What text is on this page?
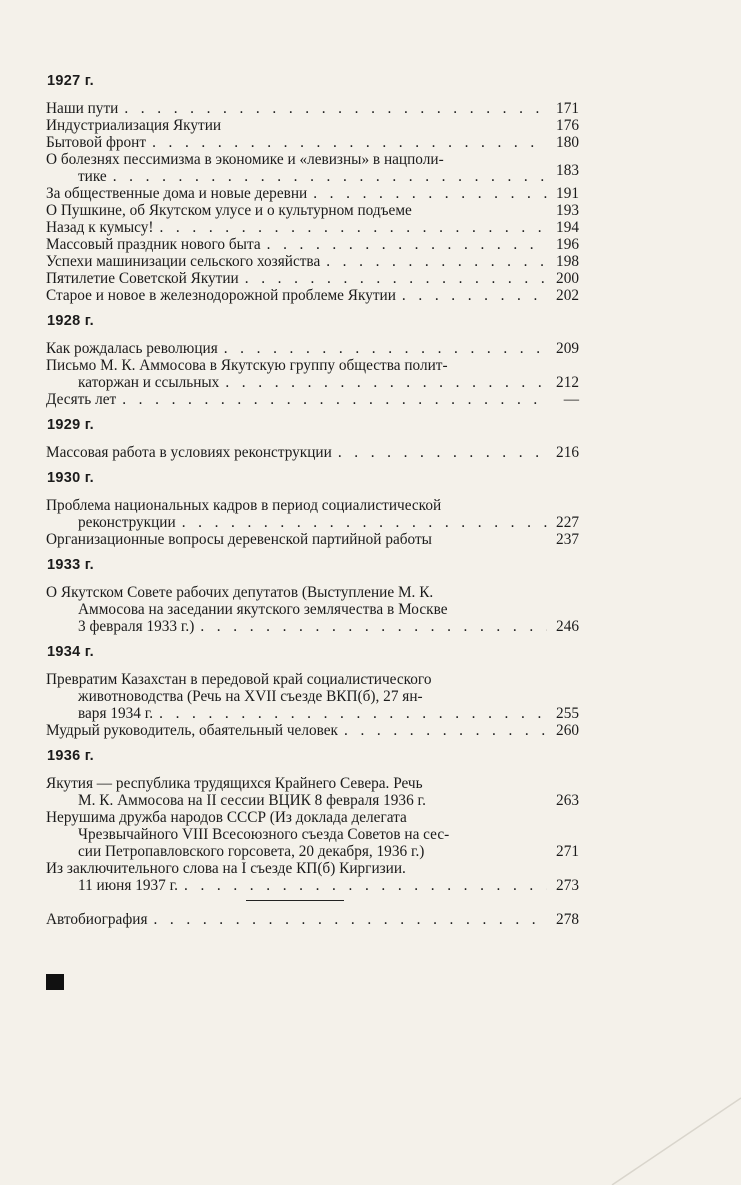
1927 г.
Наши пути . . .	171
Индустриализация Якутии	176
Бытовой фронт . . .	180
О болезнях пессимизма в экономике и «левизны» в нацполи-
тике . . .	183
За общественные дома и новые деревни . . .	191
О Пушкине, об Якутском улусе и о культурном подъеме	193
Назад к кумысу! . . .	194
Массовый праздник нового быта . . .	196
Успехи машинизации сельского хозяйства . . .	198
Пятилетие Советской Якутии . . .	200
Старое и новое в железнодорожной проблеме Якутии . . .	202
1928 г.
Как рождалась революция . . .	209
Письмо М. К. Аммосова в Якутскую группу общества полит-
каторжан и ссыльных . . .	212
Десять лет . . .	—
1929 г.
Массовая работа в условиях реконструкции . . .	216
1930 г.
Проблема национальных кадров в период социалистической
реконструкции . . .	227
Организационные вопросы деревенской партийной работы	237
1933 г.
О Якутском Совете рабочих депутатов (Выступление М. К.
Аммосова на заседании якутского землячества в Москве
3 февраля 1933 г.) . . .	246
1934 г.
Превратим Казахстан в передовой край социалистического
животноводства (Речь на XVII съезде ВКП(б), 27 ян-
варя 1934 г. . . .	255
Мудрый руководитель, обаятельный человек . . .	260
1936 г.
Якутия — республика трудящихся Крайнего Севера. Речь
М. К. Аммосова на II сессии ВЦИК 8 февраля 1936 г.	263
Нерушима дружба народов СССР (Из доклада делегата
Чрезвычайного VIII Всесоюзного съезда Советов на сес-
сии Петропавловского горсовета, 20 декабря, 1936 г.)	271
Из заключительного слова на I съезде КП(б) Киргизии.
11 июня 1937 г. . . .	273
Автобиография . . .	278
